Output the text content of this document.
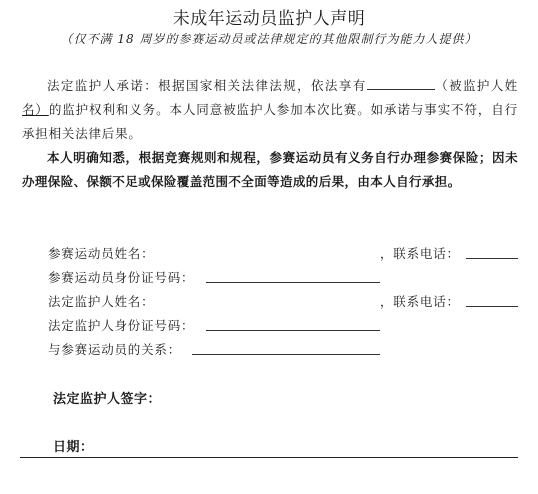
未成年运动员监护人声明
（仅不满 18 周岁的参赛运动员或法律规定的其他限制行为能力人提供）

法定监护人承诺：根据国家相关法律法规，依法享有	（被监护人姓名）的监护权利和义务。本人同意被监护人参加本次比赛。如承诺与事实不符，自行承担相关法律后果。

本人明确知悉，根据竞赛规则和规程，参赛运动员有义务自行办理参赛保险；因未办理保险、保额不足或保险覆盖范围不全面等造成的后果，由本人自行承担。

参赛运动员姓名：	，联系电话：
参赛运动员身份证号码：
法定监护人姓名：	，联系电话：
法定监护人身份证号码：
与参赛运动员的关系：
法定监护人签字：
日期：
